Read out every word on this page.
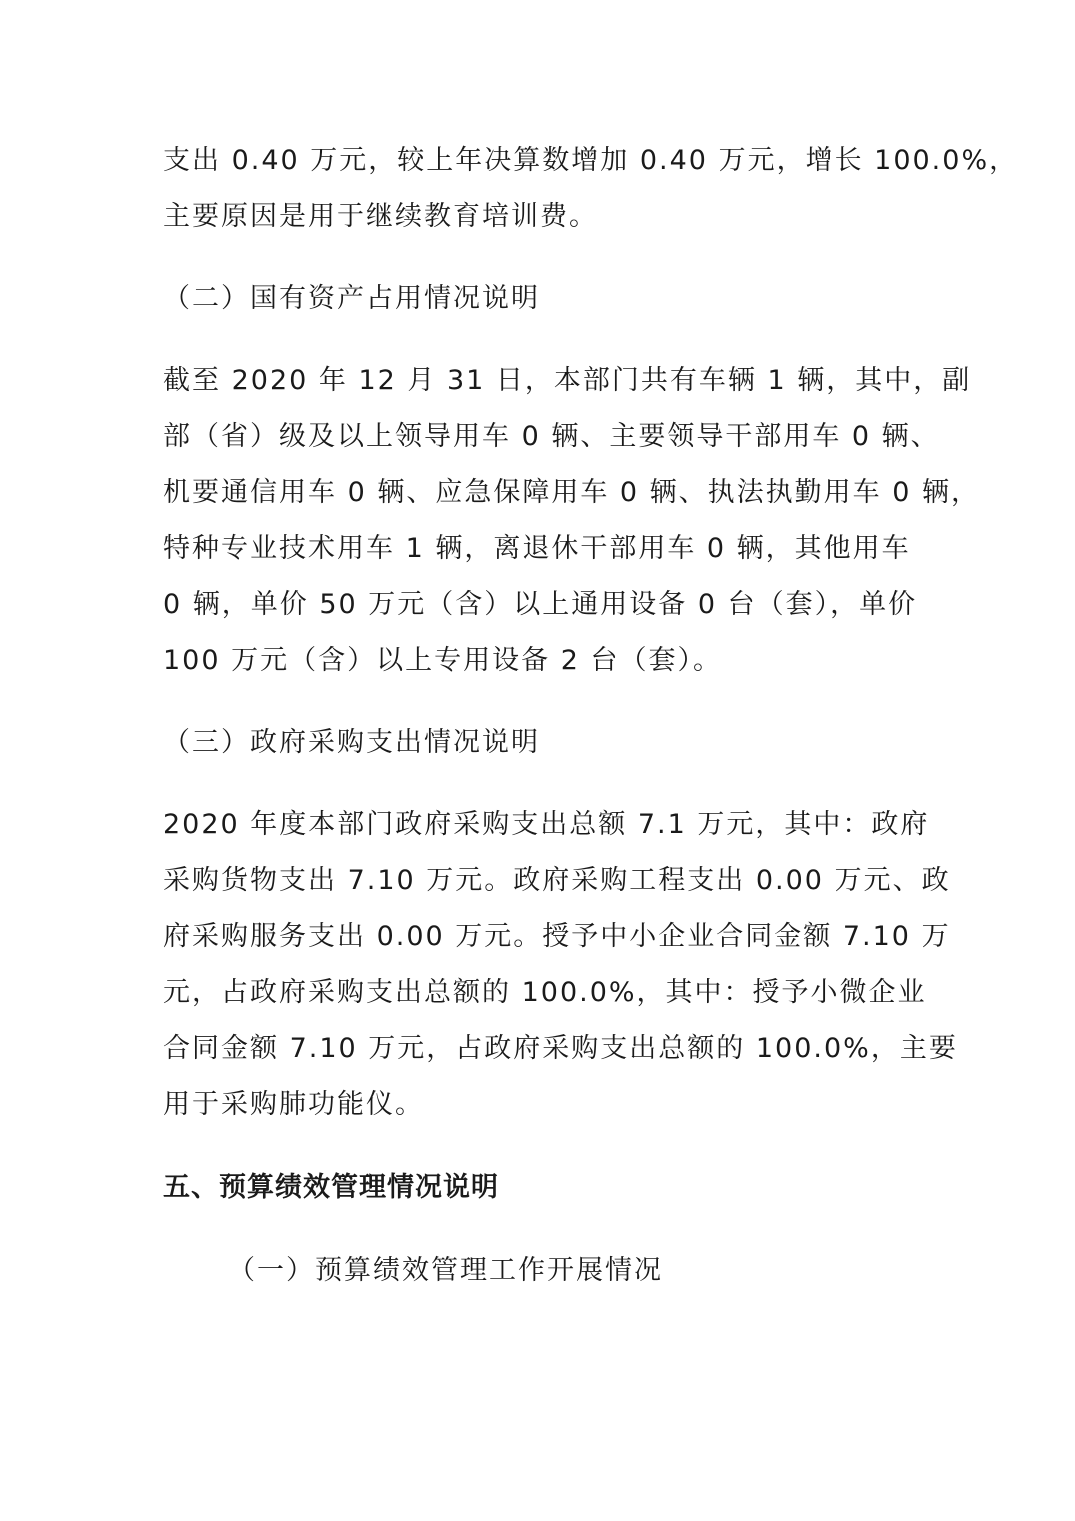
支出 0.40 万元，较上年决算数增加 0.40 万元，增长 100.0%，
主要原因是用于继续教育培训费。
（二）国有资产占用情况说明
截至 2020 年 12 月 31 日，本部门共有车辆 1 辆，其中，副
部（省）级及以上领导用车 0 辆、主要领导干部用车 0 辆、
机要通信用车 0 辆、应急保障用车 0 辆、执法执勤用车 0 辆，
特种专业技术用车 1 辆，离退休干部用车 0 辆，其他用车
0 辆，单价 50 万元（含）以上通用设备 0 台（套），单价
100 万元（含）以上专用设备 2 台（套）。
（三）政府采购支出情况说明
2020 年度本部门政府采购支出总额 7.1 万元，其中：政府
采购货物支出 7.10 万元。政府采购工程支出 0.00 万元、政
府采购服务支出 0.00 万元。授予中小企业合同金额 7.10 万
元，占政府采购支出总额的 100.0%，其中：授予小微企业
合同金额 7.10 万元，占政府采购支出总额的 100.0%，主要
用于采购肺功能仪。
五、预算绩效管理情况说明
（一）预算绩效管理工作开展情况
